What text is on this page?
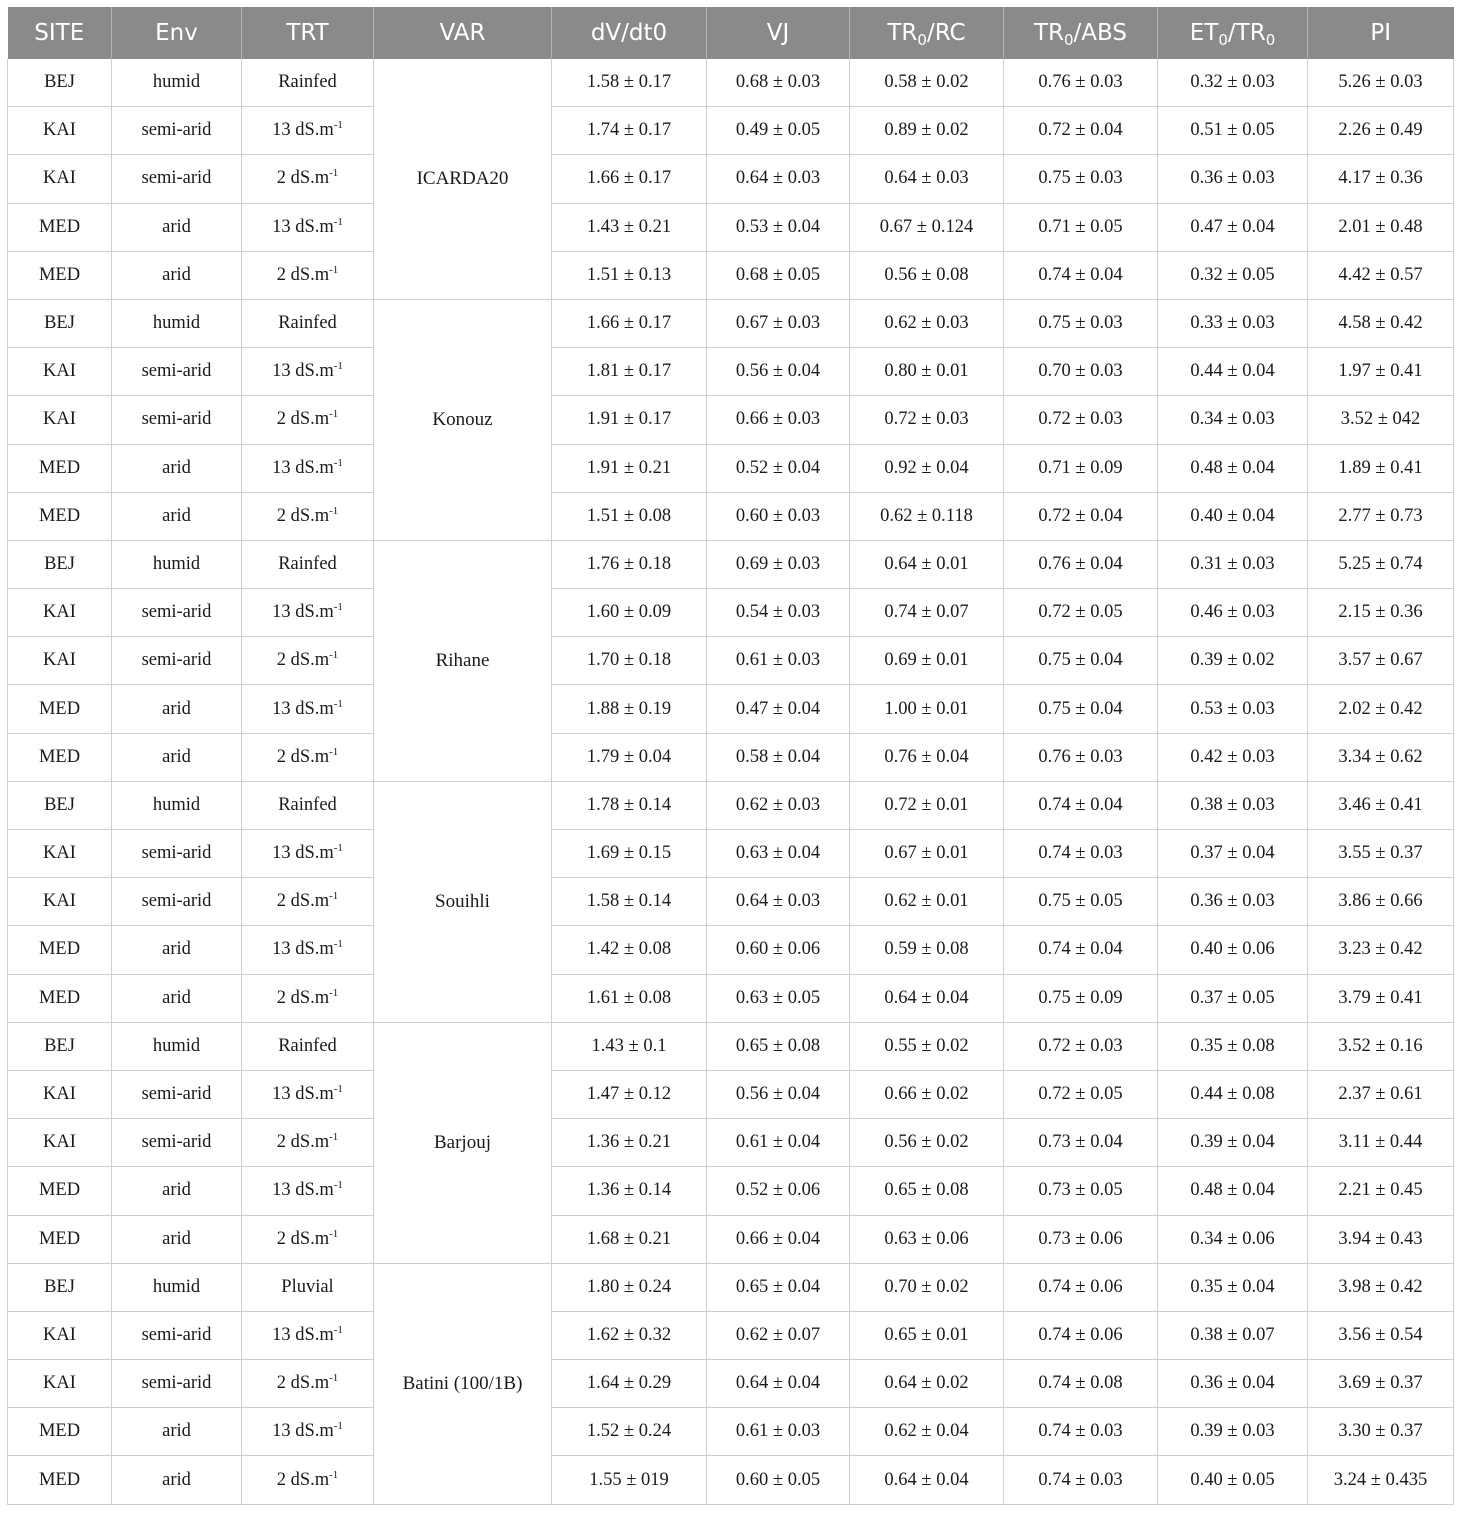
SITE	Env	TRT	VAR	dV/dt0	VJ	$TR_0/RC$	$TR_0$/ABS	$ET_0/TR_0$	PI
BEJ	humid	Rainfed	ICARDA20	1.58 ± 0.17	0.68 ± 0.03	0.58 ± 0.02	0.76 ± 0.03	0.32 ± 0.03	5.26 ± 0.03
KAI	semi-arid	13 $dS.m^{-1}$		1.74 ± 0.17	0.49 ± 0.05	0.89 ± 0.02	0.72 ± 0.04	0.51 ± 0.05	2.26 ± 0.49
KAI	semi-arid	2 $dS.m^{-1}$		1.66 ± 0.17	0.64 ± 0.03	0.64 ± 0.03	0.75 ± 0.03	0.36 ± 0.03	4.17 ± 0.36
MED	arid	13 $dS.m^{-1}$		1.43 ± 0.21	0.53 ± 0.04	0.67 ± 0.124	0.71 ± 0.05	0.47 ± 0.04	2.01 ± 0.48
MED	arid	2 $dS.m^{-1}$		1.51 ± 0.13	0.68 ± 0.05	0.56 ± 0.08	0.74 ± 0.04	0.32 ± 0.05	4.42 ± 0.57
BEJ	humid	Rainfed	Konouz	1.66 ± 0.17	0.67 ± 0.03	0.62 ± 0.03	0.75 ± 0.03	0.33 ± 0.03	4.58 ± 0.42
KAI	semi-arid	13 $dS.m^{-1}$		1.81 ± 0.17	0.56 ± 0.04	0.80 ± 0.01	0.70 ± 0.03	0.44 ± 0.04	1.97 ± 0.41
KAI	semi-arid	2 $dS.m^{-1}$		1.91 ± 0.17	0.66 ± 0.03	0.72 ± 0.03	0.72 ± 0.03	0.34 ± 0.03	3.52 ± 042
MED	arid	13 $dS.m^{-1}$		1.91 ± 0.21	0.52 ± 0.04	0.92 ± 0.04	0.71 ± 0.09	0.48 ± 0.04	1.89 ± 0.41
MED	arid	2 $dS.m^{-1}$		1.51 ± 0.08	0.60 ± 0.03	0.62 ± 0.118	0.72 ± 0.04	0.40 ± 0.04	2.77 ± 0.73
BEJ	humid	Rainfed	Rihane	1.76 ± 0.18	0.69 ± 0.03	0.64 ± 0.01	0.76 ± 0.04	0.31 ± 0.03	5.25 ± 0.74
KAI	semi-arid	13 $dS.m^{-1}$		1.60 ± 0.09	0.54 ± 0.03	0.74 ± 0.07	0.72 ± 0.05	0.46 ± 0.03	2.15 ± 0.36
KAI	semi-arid	2 $dS.m^{-1}$		1.70 ± 0.18	0.61 ± 0.03	0.69 ± 0.01	0.75 ± 0.04	0.39 ± 0.02	3.57 ± 0.67
MED	arid	13 $dS.m^{-1}$		1.88 ± 0.19	0.47 ± 0.04	1.00 ± 0.01	0.75 ± 0.04	0.53 ± 0.03	2.02 ± 0.42
MED	arid	2 $dS.m^{-1}$		1.79 ± 0.04	0.58 ± 0.04	0.76 ± 0.04	0.76 ± 0.03	0.42 ± 0.03	3.34 ± 0.62
BEJ	humid	Rainfed	Souihli	1.78 ± 0.14	0.62 ± 0.03	0.72 ± 0.01	0.74 ± 0.04	0.38 ± 0.03	3.46 ± 0.41
KAI	semi-arid	13 $dS.m^{-1}$		1.69 ± 0.15	0.63 ± 0.04	0.67 ± 0.01	0.74 ± 0.03	0.37 ± 0.04	3.55 ± 0.37
KAI	semi-arid	2 $dS.m^{-1}$		1.58 ± 0.14	0.64 ± 0.03	0.62 ± 0.01	0.75 ± 0.05	0.36 ± 0.03	3.86 ± 0.66
MED	arid	13 $dS.m^{-1}$		1.42 ± 0.08	0.60 ± 0.06	0.59 ± 0.08	0.74 ± 0.04	0.40 ± 0.06	3.23 ± 0.42
MED	arid	2 $dS.m^{-1}$		1.61 ± 0.08	0.63 ± 0.05	0.64 ± 0.04	0.75 ± 0.09	0.37 ± 0.05	3.79 ± 0.41
BEJ	humid	Rainfed	Barjouj	1.43 ± 0.1	0.65 ± 0.08	0.55 ± 0.02	0.72 ± 0.03	0.35 ± 0.08	3.52 ± 0.16
KAI	semi-arid	13 $dS.m^{-1}$		1.47 ± 0.12	0.56 ± 0.04	0.66 ± 0.02	0.72 ± 0.05	0.44 ± 0.08	2.37 ± 0.61
KAI	semi-arid	2 $dS.m^{-1}$		1.36 ± 0.21	0.61 ± 0.04	0.56 ± 0.02	0.73 ± 0.04	0.39 ± 0.04	3.11 ± 0.44
MED	arid	13 $dS.m^{-1}$		1.36 ± 0.14	0.52 ± 0.06	0.65 ± 0.08	0.73 ± 0.05	0.48 ± 0.04	2.21 ± 0.45
MED	arid	2 $dS.m^{-1}$		1.68 ± 0.21	0.66 ± 0.04	0.63 ± 0.06	0.73 ± 0.06	0.34 ± 0.06	3.94 ± 0.43
BEJ	humid	Pluvial	Batini (100/1B)	1.80 ± 0.24	0.65 ± 0.04	0.70 ± 0.02	0.74 ± 0.06	0.35 ± 0.04	3.98 ± 0.42
KAI	semi-arid	13 $dS.m^{-1}$		1.62 ± 0.32	0.62 ± 0.07	0.65 ± 0.01	0.74 ± 0.06	0.38 ± 0.07	3.56 ± 0.54
KAI	semi-arid	2 $dS.m^{-1}$		1.64 ± 0.29	0.64 ± 0.04	0.64 ± 0.02	0.74 ± 0.08	0.36 ± 0.04	3.69 ± 0.37
MED	arid	13 $dS.m^{-1}$		1.52 ± 0.24	0.61 ± 0.03	0.62 ± 0.04	0.74 ± 0.03	0.39 ± 0.03	3.30 ± 0.37
MED	arid	2 $dS.m^{-1}$		1.55 ± 019	0.60 ± 0.05	0.64 ± 0.04	0.74 ± 0.03	0.40 ± 0.05	3.24 ± 0.435
